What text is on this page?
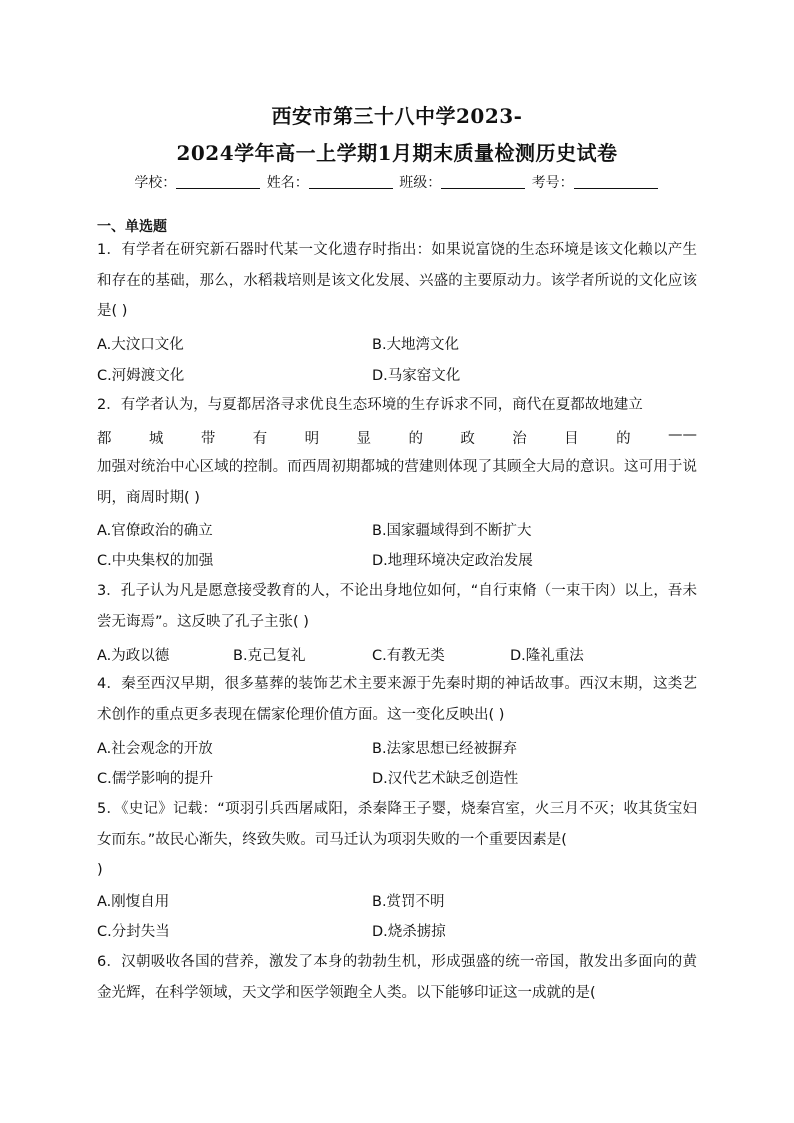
西安市第三十八中学2023-
2024学年高一上学期1月期末质量检测历史试卷
学校：	姓名：	班级：	考号：
一、单选题
1．有学者在研究新石器时代某一文化遗存时指出：如果说富饶的生态环境是该文化赖以产生和存在的基础，那么，水稻栽培则是该文化发展、兴盛的主要原动力。该学者所说的文化应该是( )
A.大汶口文化	B.大地湾文化
C.河姆渡文化	D.马家窑文化
2．有学者认为，与夏都居洛寻求优良生态环境的生存诉求不同，商代在夏都故地建立
都	城	带	有	明	显	的	政	治	目	的	——
加强对统治中心区域的控制。而西周初期都城的营建则体现了其顾全大局的意识。这可用于说明，商周时期( )
A.官僚政治的确立	B.国家疆域得到不断扩大
C.中央集权的加强	D.地理环境决定政治发展
3．孔子认为凡是愿意接受教育的人，不论出身地位如何，“自行束脩（一束干肉）以上，吾未尝无诲焉”。这反映了孔子主张( )
A.为政以德	B.克己复礼	C.有教无类	D.隆礼重法
4．秦至西汉早期，很多墓葬的装饰艺术主要来源于先秦时期的神话故事。西汉末期，这类艺术创作的重点更多表现在儒家伦理价值方面。这一变化反映出( )
A.社会观念的开放	B.法家思想已经被摒弃
C.儒学影响的提升	D.汉代艺术缺乏创造性
5．《史记》记载：“项羽引兵西屠咸阳，杀秦降王子婴，烧秦宫室，火三月不灭；收其货宝妇女而东。”故民心渐失，终致失败。司马迁认为项羽失败的一个重要因素是(
)
A.刚愎自用	B.赏罚不明
C.分封失当	D.烧杀掳掠
6．汉朝吸收各国的营养，激发了本身的勃勃生机，形成强盛的统一帝国，散发出多面向的黄金光辉，在科学领域，天文学和医学领跑全人类。以下能够印证这一成就的是(
